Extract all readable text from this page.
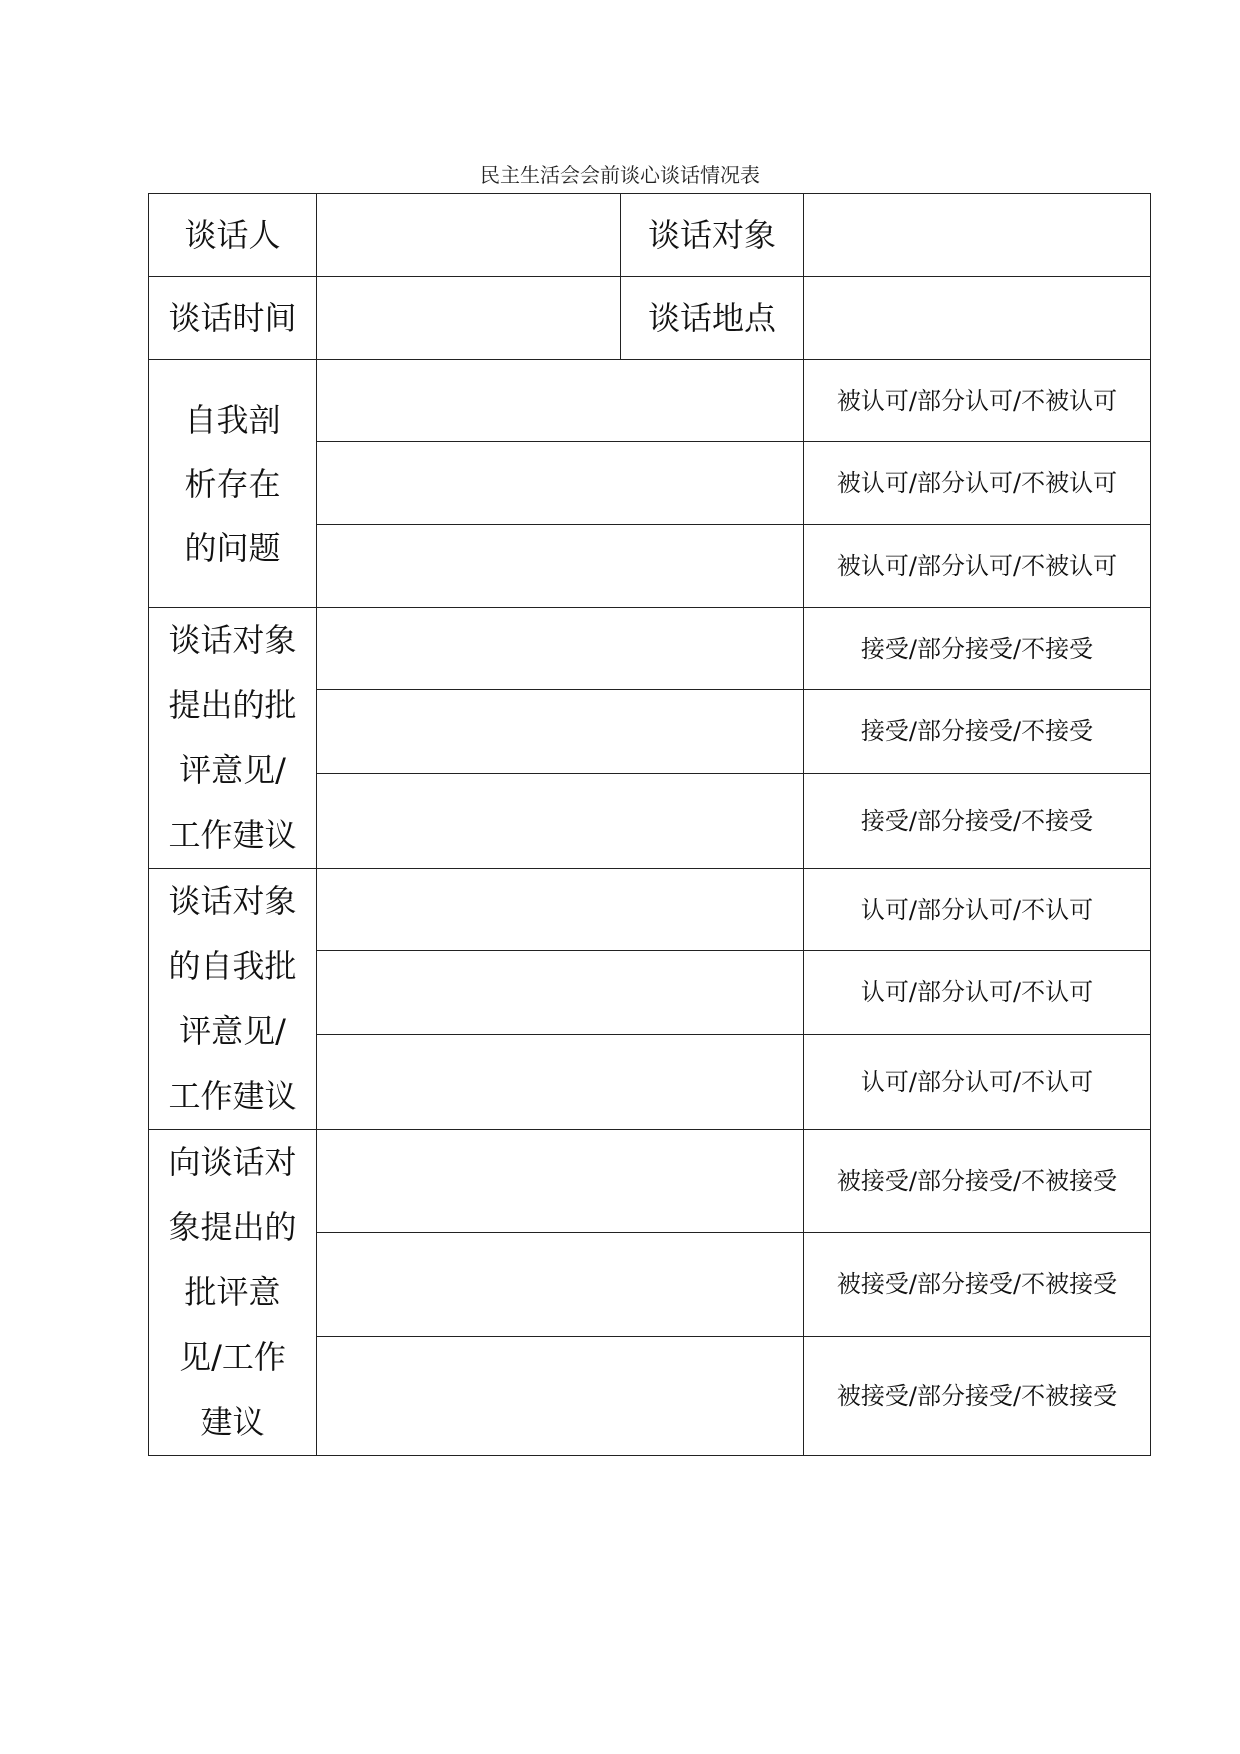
民主生活会会前谈心谈话情况表
谈话人		谈话对象	
谈话时间		谈话地点	
自我剖析存在的问题			被认可/部分认可/不被认可
			被认可/部分认可/不被认可
			被认可/部分认可/不被认可
谈话对象提出的批评意见/工作建议			接受/部分接受/不接受
			接受/部分接受/不接受
			接受/部分接受/不接受
谈话对象的自我批评意见/工作建议			认可/部分认可/不认可
			认可/部分认可/不认可
			认可/部分认可/不认可
向谈话对象提出的批评意见/工作建议			被接受/部分接受/不被接受
			被接受/部分接受/不被接受
			被接受/部分接受/不被接受
